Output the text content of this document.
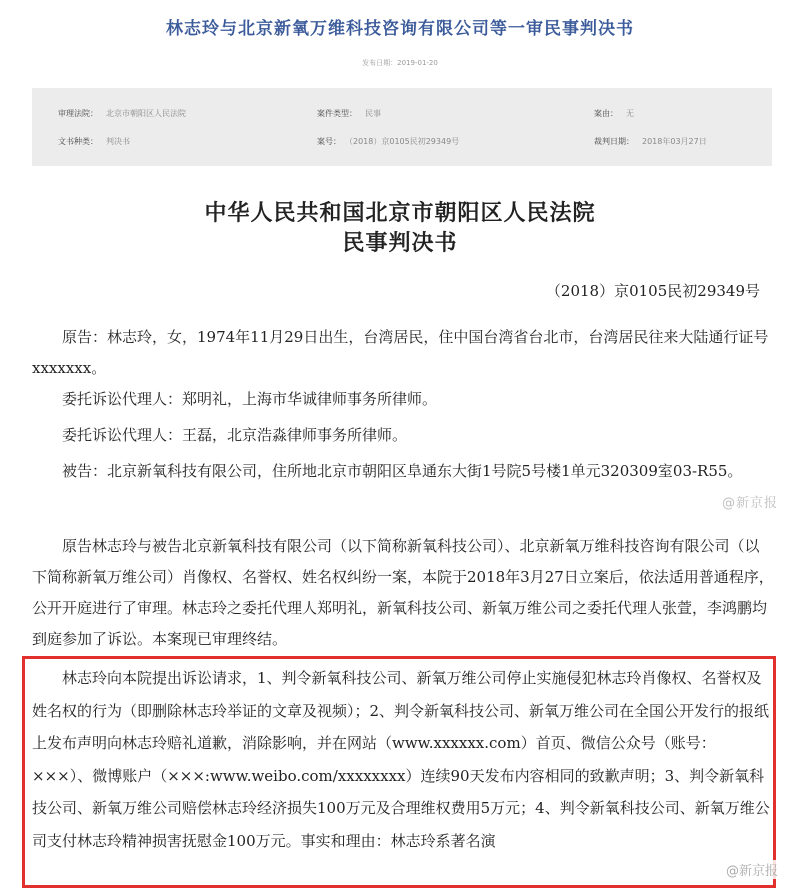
林志玲与北京新氧万维科技咨询有限公司等一审民事判决书
发布日期：2019-01-20
审理法院： 北京市朝阳区人民法院	案件类型： 民事	案由： 无
文书种类： 判决书	案号： （2018）京0105民初29349号	裁判日期： 2018年03月27日
中华人民共和国北京市朝阳区人民法院
民事判决书
（2018）京0105民初29349号

原告：林志玲，女，1974年11月29日出生，台湾居民，住中国台湾省台北市，台湾居民往来大陆通行证号xxxxxxx。

委托诉讼代理人：郑明礼，上海市华诚律师事务所律师。

委托诉讼代理人：王磊，北京浩淼律师事务所律师。

被告：北京新氧科技有限公司，住所地北京市朝阳区阜通东大街1号院5号楼1单元320309室03-R55。

@新京报

原告林志玲与被告北京新氧科技有限公司（以下简称新氧科技公司）、北京新氧万维科技咨询有限公司（以下简称新氧万维公司）肖像权、名誉权、姓名权纠纷一案，本院于2018年3月27日立案后，依法适用普通程序，公开开庭进行了审理。林志玲之委托代理人郑明礼，新氧科技公司、新氧万维公司之委托代理人张萱，李鸿鹏均到庭参加了诉讼。本案现已审理终结。

林志玲向本院提出诉讼请求，1、判令新氧科技公司、新氧万维公司停止实施侵犯林志玲肖像权、名誉权及姓名权的行为（即删除林志玲举证的文章及视频）；2、判令新氧科技公司、新氧万维公司在全国公开发行的报纸上发布声明向林志玲赔礼道歉，消除影响，并在网站（www.xxxxxx.com）首页、微信公众号（账号：×××）、微博账户（×××:www.weibo.com/xxxxxxxx）连续90天发布内容相同的致歉声明；3、判令新氧科技公司、新氧万维公司赔偿林志玲经济损失100万元及合理维权费用5万元；4、判令新氧科技公司、新氧万维公司支付林志玲精神损害抚慰金100万元。事实和理由：林志玲系著名演

@新京报
